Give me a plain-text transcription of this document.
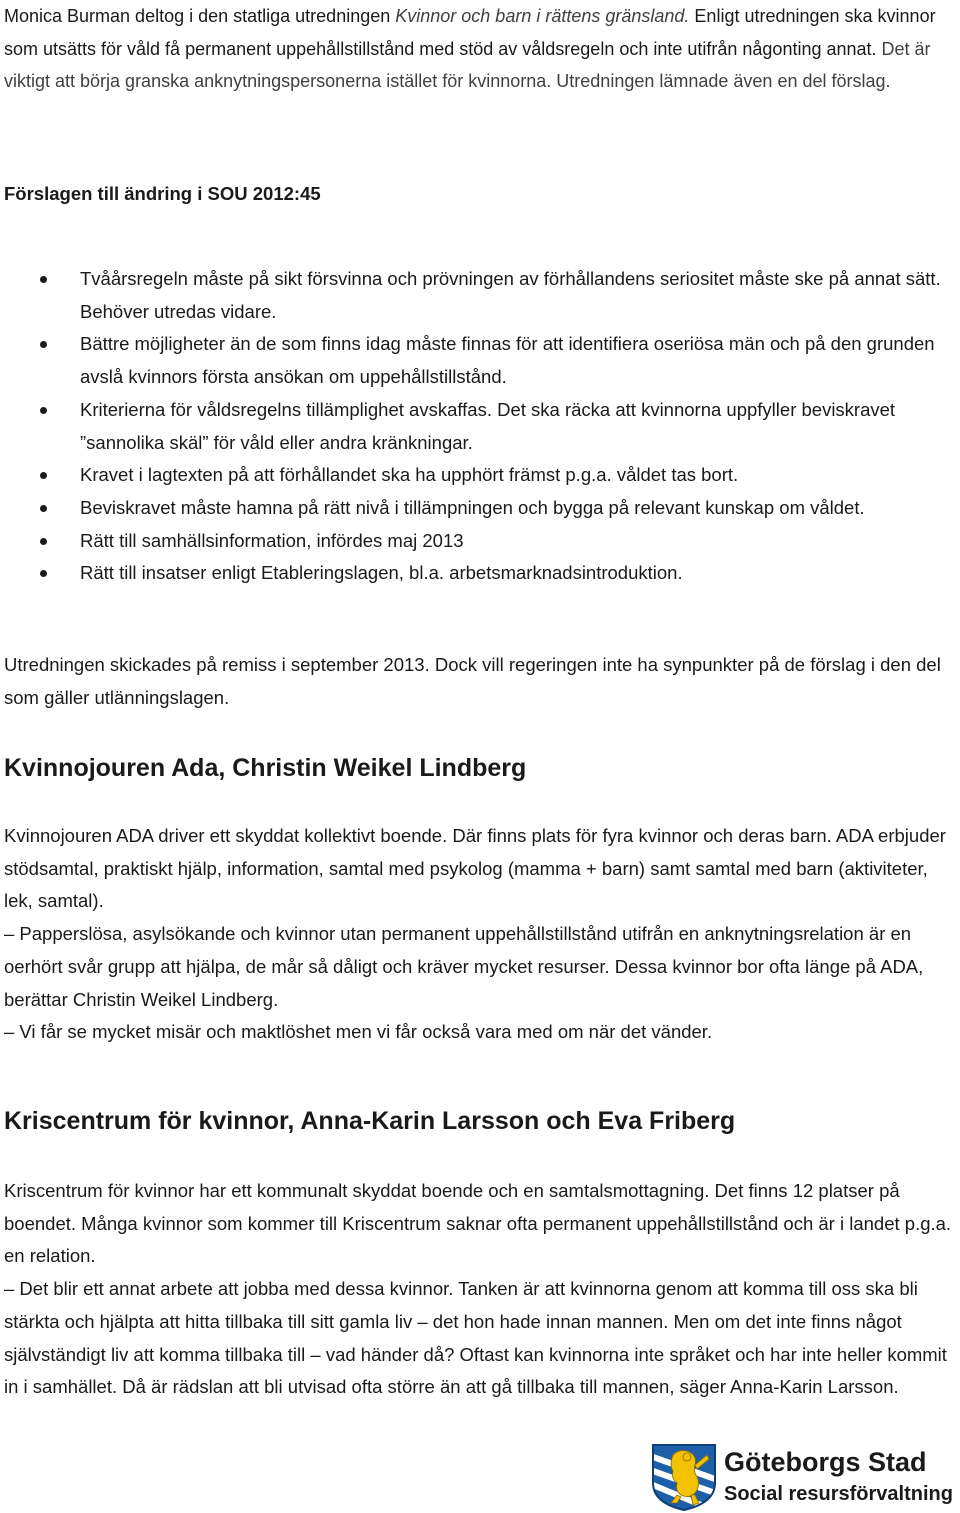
Monica Burman deltog i den statliga utredningen Kvinnor och barn i rättens gränsland. Enligt utredningen ska kvinnor som utsätts för våld få permanent uppehållstillstånd med stöd av våldsregeln och inte utifrån någonting annat. Det är viktigt att börja granska anknytningspersonerna istället för kvinnorna. Utredningen lämnade även en del förslag.

Förslagen till ändring i SOU 2012:45
Tvåårsregeln måste på sikt försvinna och prövningen av förhållandens seriositet måste ske på annat sätt. Behöver utredas vidare.
Bättre möjligheter än de som finns idag måste finnas för att identifiera oseriösa män och på den grunden avslå kvinnors första ansökan om uppehållstillstånd.
Kriterierna för våldsregelns tillämplighet avskaffas. Det ska räcka att kvinnorna uppfyller beviskravet ”sannolika skäl” för våld eller andra kränkningar.
Kravet i lagtexten på att förhållandet ska ha upphört främst p.g.a. våldet tas bort.
Beviskravet måste hamna på rätt nivå i tillämpningen och bygga på relevant kunskap om våldet.
Rätt till samhällsinformation, infördes maj 2013
Rätt till insatser enligt Etableringslagen, bl.a. arbetsmarknadsintroduktion.

Utredningen skickades på remiss i september 2013. Dock vill regeringen inte ha synpunkter på de förslag i den del som gäller utlänningslagen.

Kvinnojouren Ada, Christin Weikel Lindberg

Kvinnojouren ADA driver ett skyddat kollektivt boende. Där finns plats för fyra kvinnor och deras barn. ADA erbjuder stödsamtal, praktiskt hjälp, information, samtal med psykolog (mamma + barn) samt samtal med barn (aktiviteter, lek, samtal).

– Papperslösa, asylsökande och kvinnor utan permanent uppehållstillstånd utifrån en anknytningsrelation är en oerhört svår grupp att hjälpa, de mår så dåligt och kräver mycket resurser. Dessa kvinnor bor ofta länge på ADA, berättar Christin Weikel Lindberg.

– Vi får se mycket misär och maktlöshet men vi får också vara med om när det vänder.

Kriscentrum för kvinnor, Anna-Karin Larsson och Eva Friberg

Kriscentrum för kvinnor har ett kommunalt skyddat boende och en samtalsmottagning. Det finns 12 platser på boendet. Många kvinnor som kommer till Kriscentrum saknar ofta permanent uppehållstillstånd och är i landet p.g.a. en relation.

– Det blir ett annat arbete att jobba med dessa kvinnor. Tanken är att kvinnorna genom att komma till oss ska bli stärkta och hjälpta att hitta tillbaka till sitt gamla liv – det hon hade innan mannen. Men om det inte finns något självständigt liv att komma tillbaka till – vad händer då? Oftast kan kvinnorna inte språket och har inte heller kommit in i samhället. Då är rädslan att bli utvisad ofta större än att gå tillbaka till mannen, säger Anna-Karin Larsson.

Göteborgs Stad
Social resursförvaltning
